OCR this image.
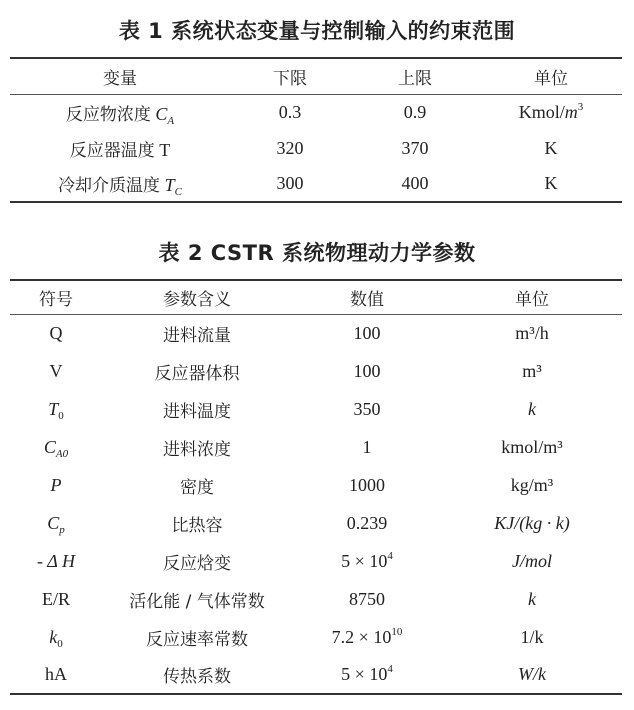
表 1 系统状态变量与控制输入的约束范围
变量	下限	上限	单位
反应物浓度 $C_A$	0.3	0.9	Kmol/$m^3$
反应器温度 T	320	370	K
冷却介质温度 $T_C$	300	400	K
表 2 CSTR 系统物理动力学参数
符号	参数含义	数值	单位
Q	进料流量	100	m³/h
V	反应器体积	100	m³
$T_0$	进料温度	350	k
$C_{A0}$	进料浓度	1	kmol/m³
P	密度	1000	kg/m³
$C_p$	比热容	0.239	KJ/(kg · k)
- Δ H	反应焓变	$5 \times 10^4$	J/mol
E/R	活化能 / 气体常数	8750	k
$k_0$	反应速率常数	$7.2 \times 10^{10}$	1/k
hA	传热系数	$5 \times 10^4$	W/k
